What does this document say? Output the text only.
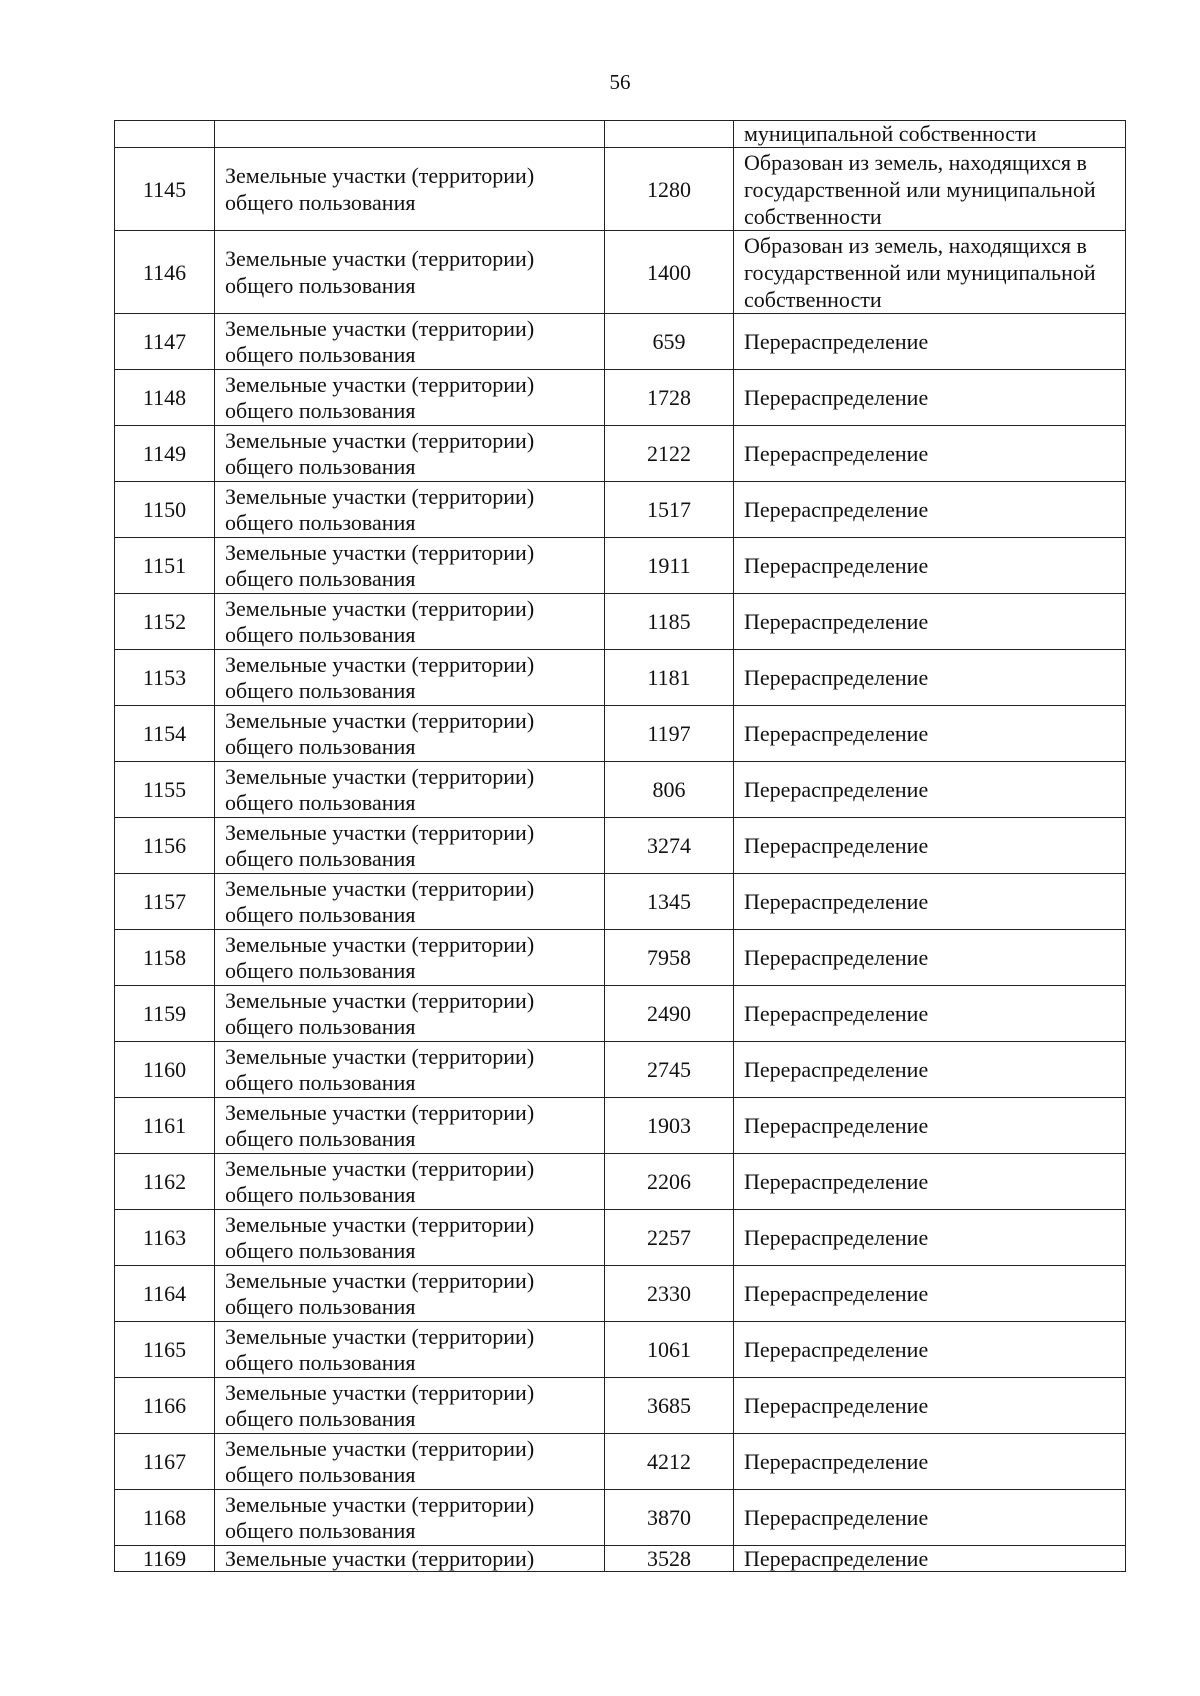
56
			муниципальной собственности
1145	Земельные участки (территории) общего пользования	1280	Образован из земель, находящихся в государственной или муниципальной собственности
1146	Земельные участки (территории) общего пользования	1400	Образован из земель, находящихся в государственной или муниципальной собственности
1147	Земельные участки (территории) общего пользования	659	Перераспределение
1148	Земельные участки (территории) общего пользования	1728	Перераспределение
1149	Земельные участки (территории) общего пользования	2122	Перераспределение
1150	Земельные участки (территории) общего пользования	1517	Перераспределение
1151	Земельные участки (территории) общего пользования	1911	Перераспределение
1152	Земельные участки (территории) общего пользования	1185	Перераспределение
1153	Земельные участки (территории) общего пользования	1181	Перераспределение
1154	Земельные участки (территории) общего пользования	1197	Перераспределение
1155	Земельные участки (территории) общего пользования	806	Перераспределение
1156	Земельные участки (территории) общего пользования	3274	Перераспределение
1157	Земельные участки (территории) общего пользования	1345	Перераспределение
1158	Земельные участки (территории) общего пользования	7958	Перераспределение
1159	Земельные участки (территории) общего пользования	2490	Перераспределение
1160	Земельные участки (территории) общего пользования	2745	Перераспределение
1161	Земельные участки (территории) общего пользования	1903	Перераспределение
1162	Земельные участки (территории) общего пользования	2206	Перераспределение
1163	Земельные участки (территории) общего пользования	2257	Перераспределение
1164	Земельные участки (территории) общего пользования	2330	Перераспределение
1165	Земельные участки (территории) общего пользования	1061	Перераспределение
1166	Земельные участки (территории) общего пользования	3685	Перераспределение
1167	Земельные участки (территории) общего пользования	4212	Перераспределение
1168	Земельные участки (территории) общего пользования	3870	Перераспределение
1169	Земельные участки (территории)	3528	Перераспределение
